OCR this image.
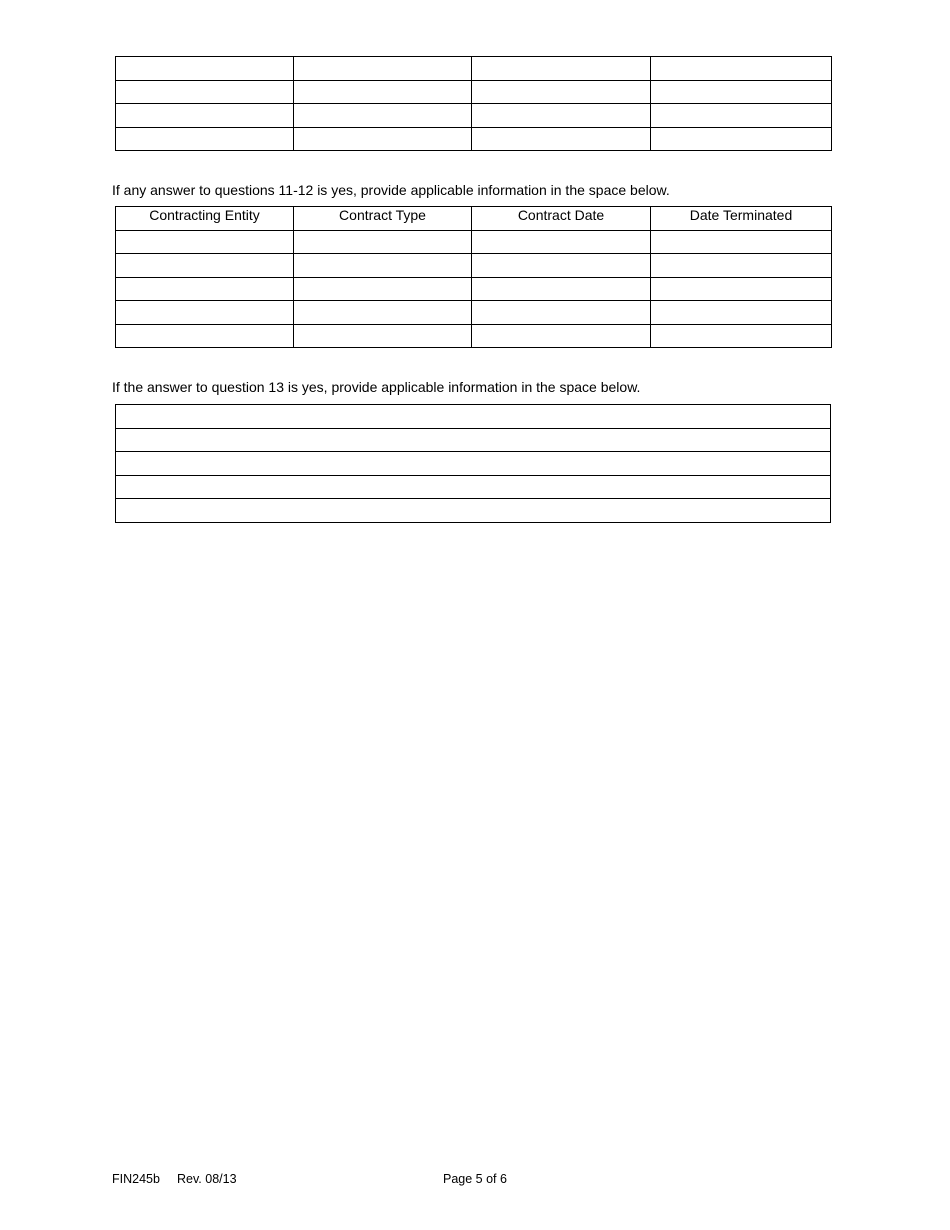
If any answer to questions 11-12 is yes, provide applicable information in the space below.
Contracting Entity	Contract Type	Contract Date	Date Terminated

If the answer to question 13 is yes, provide applicable information in the space below.

FIN245b Rev. 08/13	Page 5 of 6
